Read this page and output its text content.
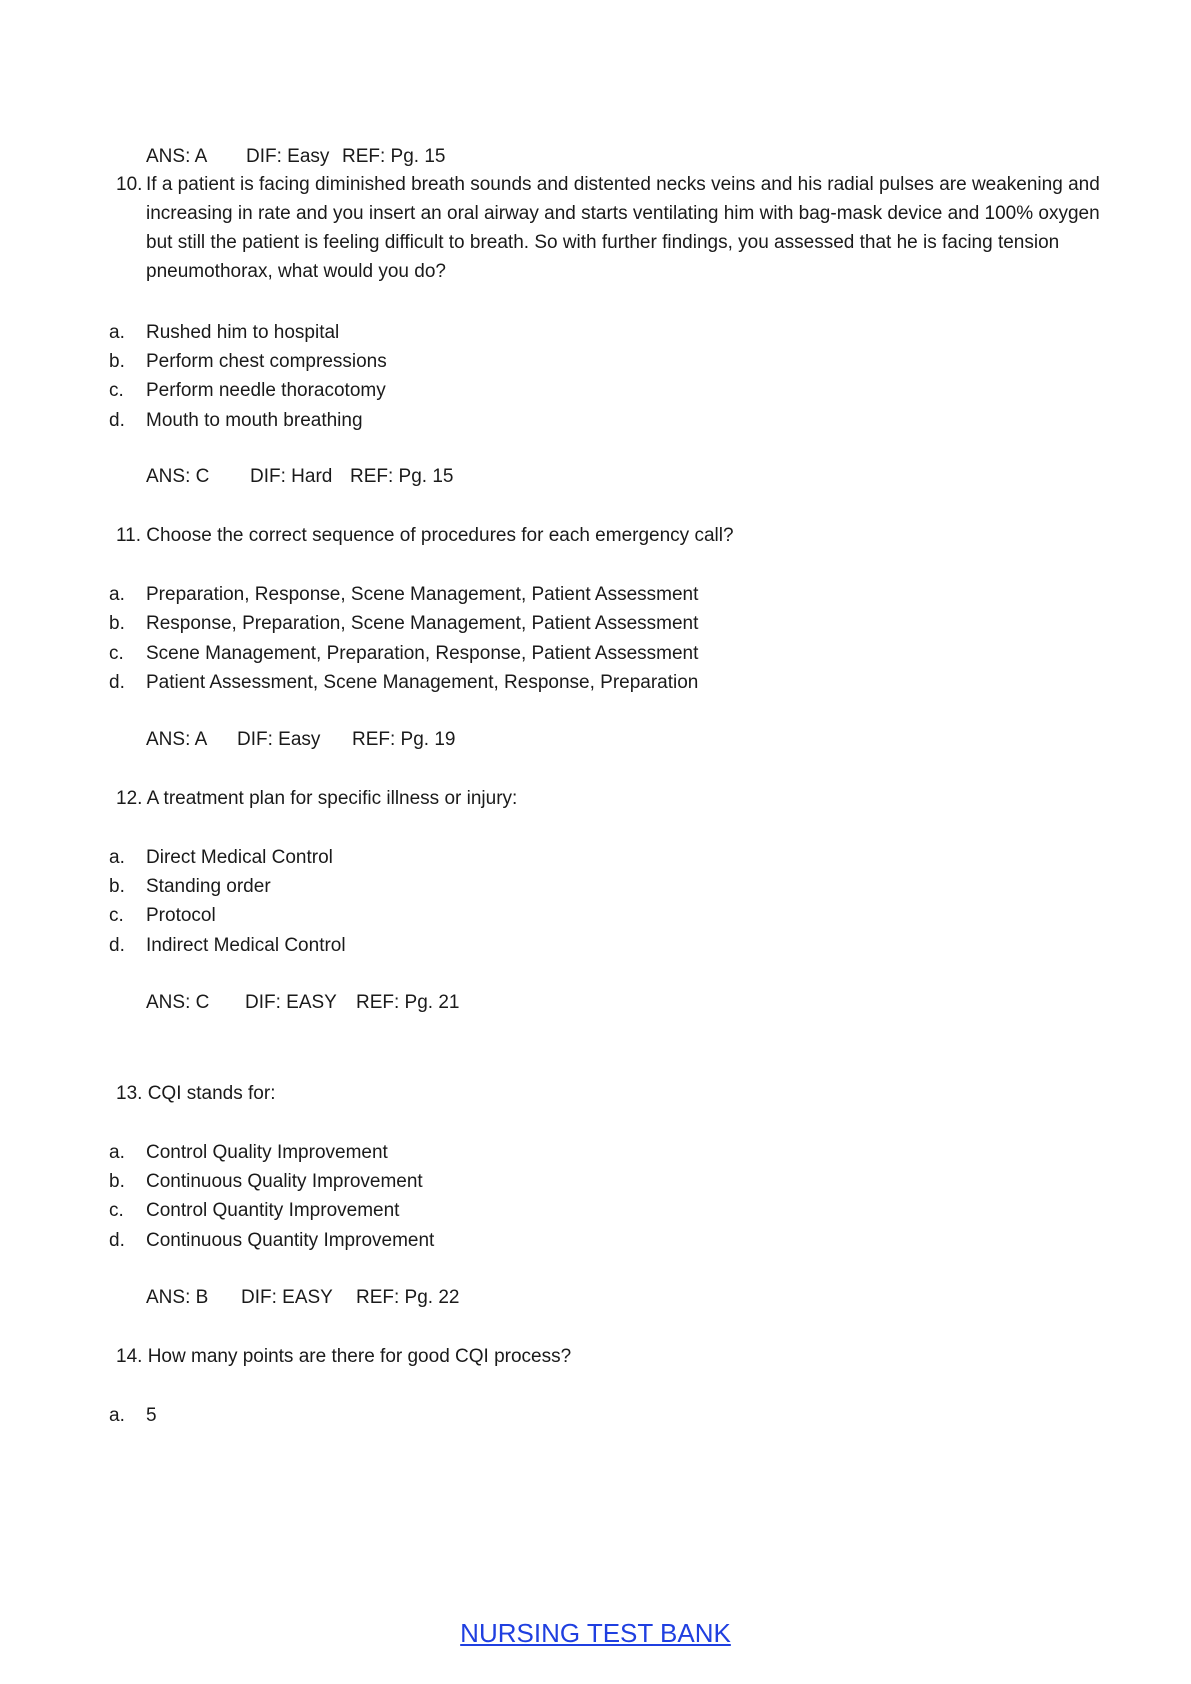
ANS: A DIF: Easy REF: Pg. 15
10. If a patient is facing diminished breath sounds and distented necks veins and his radial pulses are weakening and increasing in rate and you insert an oral airway and starts ventilating him with bag-mask device and 100% oxygen but still the patient is feeling difficult to breath. So with further findings, you assessed that he is facing tension pneumothorax, what would you do?
a. Rushed him to hospital
b. Perform chest compressions
c. Perform needle thoracotomy
d. Mouth to mouth breathing
ANS: C DIF: Hard REF: Pg. 15
11. Choose the correct sequence of procedures for each emergency call?
a. Preparation, Response, Scene Management, Patient Assessment
b. Response, Preparation, Scene Management, Patient Assessment
c. Scene Management, Preparation, Response, Patient Assessment
d. Patient Assessment, Scene Management, Response, Preparation
ANS: A DIF: Easy REF: Pg. 19
12. A treatment plan for specific illness or injury:
a. Direct Medical Control
b. Standing order
c. Protocol
d. Indirect Medical Control
ANS: C DIF: EASY REF: Pg. 21
13. CQI stands for:
a. Control Quality Improvement
b. Continuous Quality Improvement
c. Control Quantity Improvement
d. Continuous Quantity Improvement
ANS: B DIF: EASY REF: Pg. 22
14. How many points are there for good CQI process?
a. 5
NURSING TEST BANK
